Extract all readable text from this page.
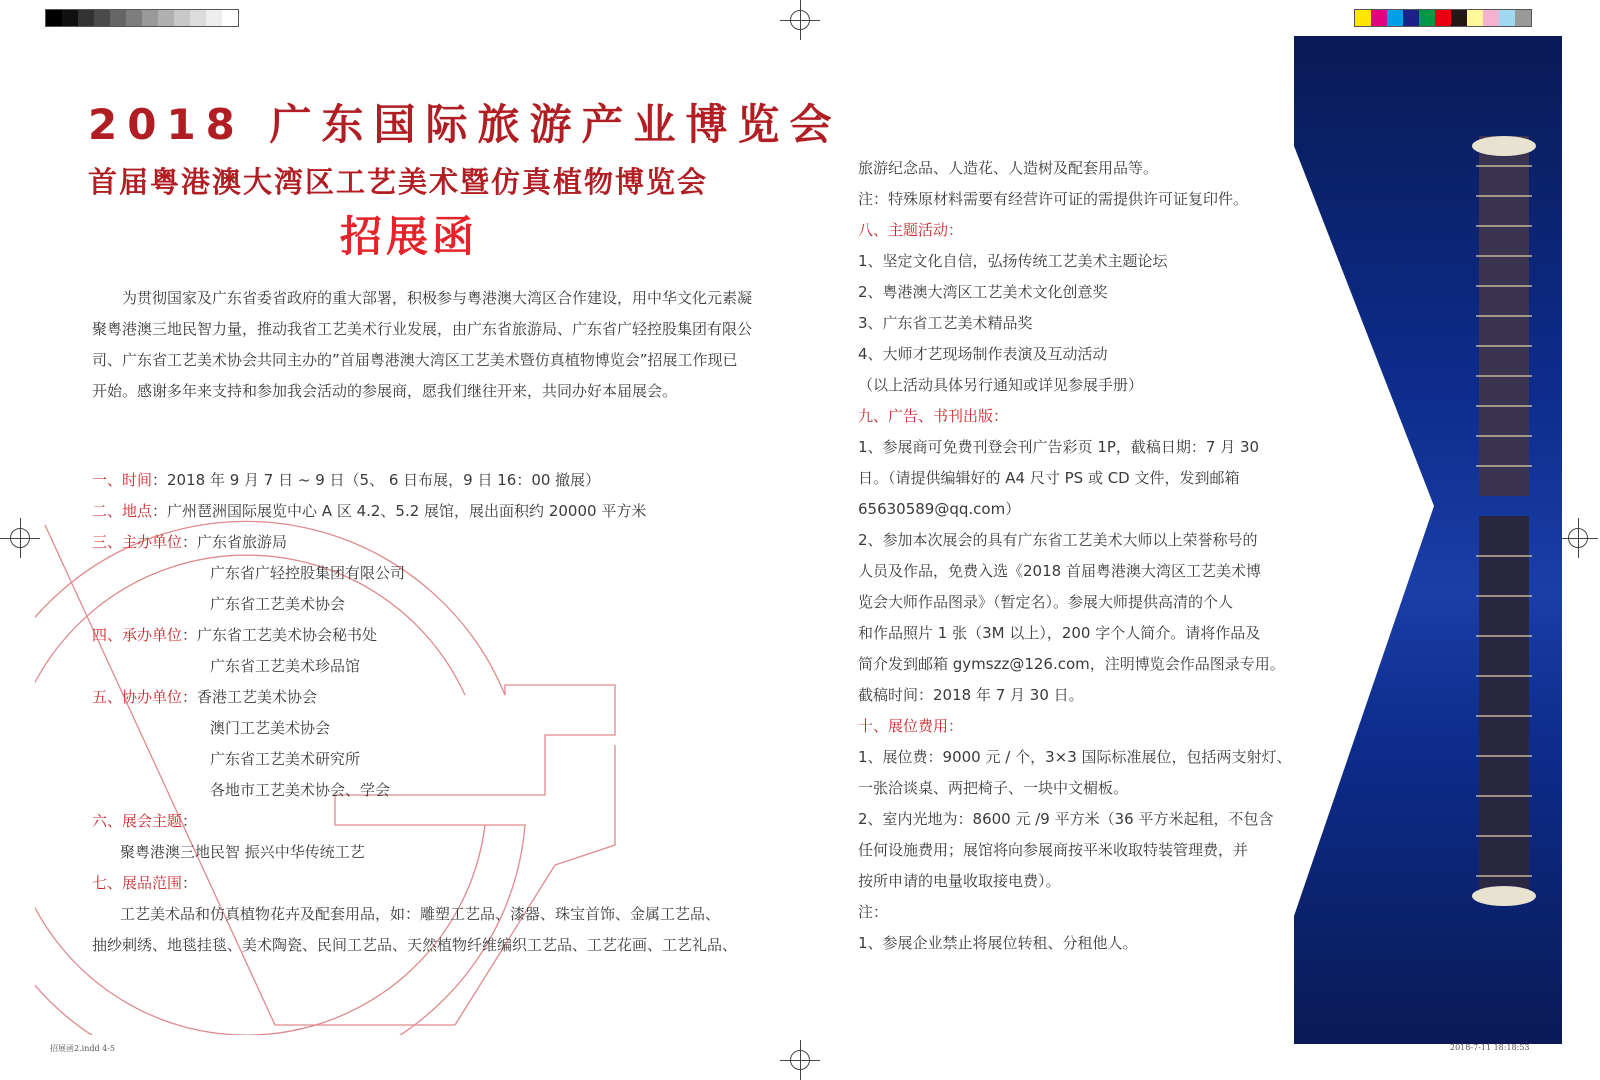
2018 广东国际旅游产业博览会
首届粤港澳大湾区工艺美术暨仿真植物博览会
招展函
为贯彻国家及广东省委省政府的重大部署，积极参与粤港澳大湾区合作建设，用中华文化元素凝聚粤港澳三地民智力量，推动我省工艺美术行业发展，由广东省旅游局、广东省广轻控股集团有限公司、广东省工艺美术协会共同主办的”首届粤港澳大湾区工艺美术暨仿真植物博览会”招展工作现已开始。感谢多年来支持和参加我会活动的参展商，愿我们继往开来，共同办好本届展会。
一、时间：2018 年 9 月 7 日 ~ 9 日（5、 6 日布展，9 日 16：00 撤展）
二、地点：广州琶洲国际展览中心 A 区 4.2、5.2 展馆，展出面积约 20000 平方米
三、主办单位：广东省旅游局
广东省广轻控股集团有限公司
广东省工艺美术协会
四、承办单位：广东省工艺美术协会秘书处
广东省工艺美术珍品馆
五、协办单位：香港工艺美术协会
澳门工艺美术协会
广东省工艺美术研究所
各地市工艺美术协会、学会
六、展会主题：
聚粤港澳三地民智 振兴中华传统工艺
七、展品范围：
工艺美术品和仿真植物花卉及配套用品，如：雕塑工艺品、漆器、珠宝首饰、金属工艺品、
抽纱刺绣、地毯挂毯、美术陶瓷、民间工艺品、天然植物纤维编织工艺品、工艺花画、工艺礼品、
旅游纪念品、人造花、人造树及配套用品等。
注：特殊原材料需要有经营许可证的需提供许可证复印件。
八、主题活动：
1、坚定文化自信，弘扬传统工艺美术主题论坛
2、粤港澳大湾区工艺美术文化创意奖
3、广东省工艺美术精品奖
4、大师才艺现场制作表演及互动活动
（以上活动具体另行通知或详见参展手册）
九、广告、书刊出版：
1、参展商可免费刊登会刊广告彩页 1P，截稿日期：7 月 30
日。（请提供编辑好的 A4 尺寸 PS 或 CD 文件，发到邮箱
65630589@qq.com）
2、参加本次展会的具有广东省工艺美术大师以上荣誉称号的
人员及作品，免费入选《2018 首届粤港澳大湾区工艺美术博
览会大师作品图录》（暂定名）。参展大师提供高清的个人
和作品照片 1 张（3M 以上），200 字个人简介。请将作品及
简介发到邮箱 gymszz@126.com，注明博览会作品图录专用。
截稿时间：2018 年 7 月 30 日。
十、展位费用：
1、展位费：9000 元 / 个，3×3 国际标准展位，包括两支射灯、
一张洽谈桌、两把椅子、一块中文楣板。
2、室内光地为：8600 元 /9 平方米（36 平方米起租，不包含
任何设施费用；展馆将向参展商按平米收取特装管理费，并
按所申请的电量收取接电费）。
注：
1、参展企业禁止将展位转租、分租他人。
招展函2.indd 4-5	2018-7-11 18:18:53
